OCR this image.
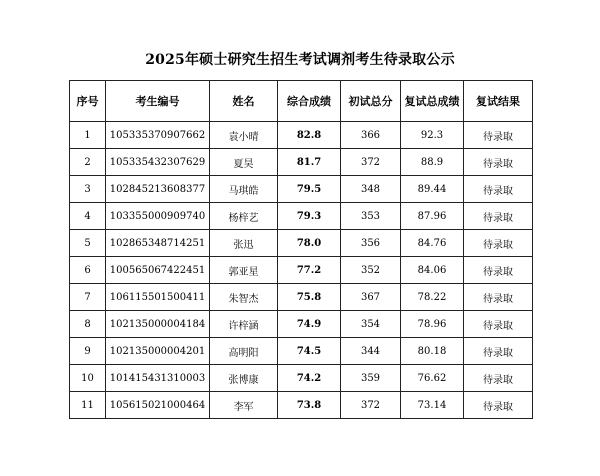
2025年硕士研究生招生考试调剂考生待录取公示
序号	考生编号	姓名	综合成绩	初试总分	复试总成绩	复试结果
1	105335370907662	袁小晴	82.8	366	92.3	待录取
2	105335432307629	夏昊	81.7	372	88.9	待录取
3	102845213608377	马琪皓	79.5	348	89.44	待录取
4	103355000909740	杨梓艺	79.3	353	87.96	待录取
5	102865348714251	张迅	78.0	356	84.76	待录取
6	100565067422451	郭亚星	77.2	352	84.06	待录取
7	106115501500411	朱智杰	75.8	367	78.22	待录取
8	102135000004184	许梓涵	74.9	354	78.96	待录取
9	102135000004201	高明阳	74.5	344	80.18	待录取
10	101415431310003	张博康	74.2	359	76.62	待录取
11	105615021000464	李军	73.8	372	73.14	待录取
